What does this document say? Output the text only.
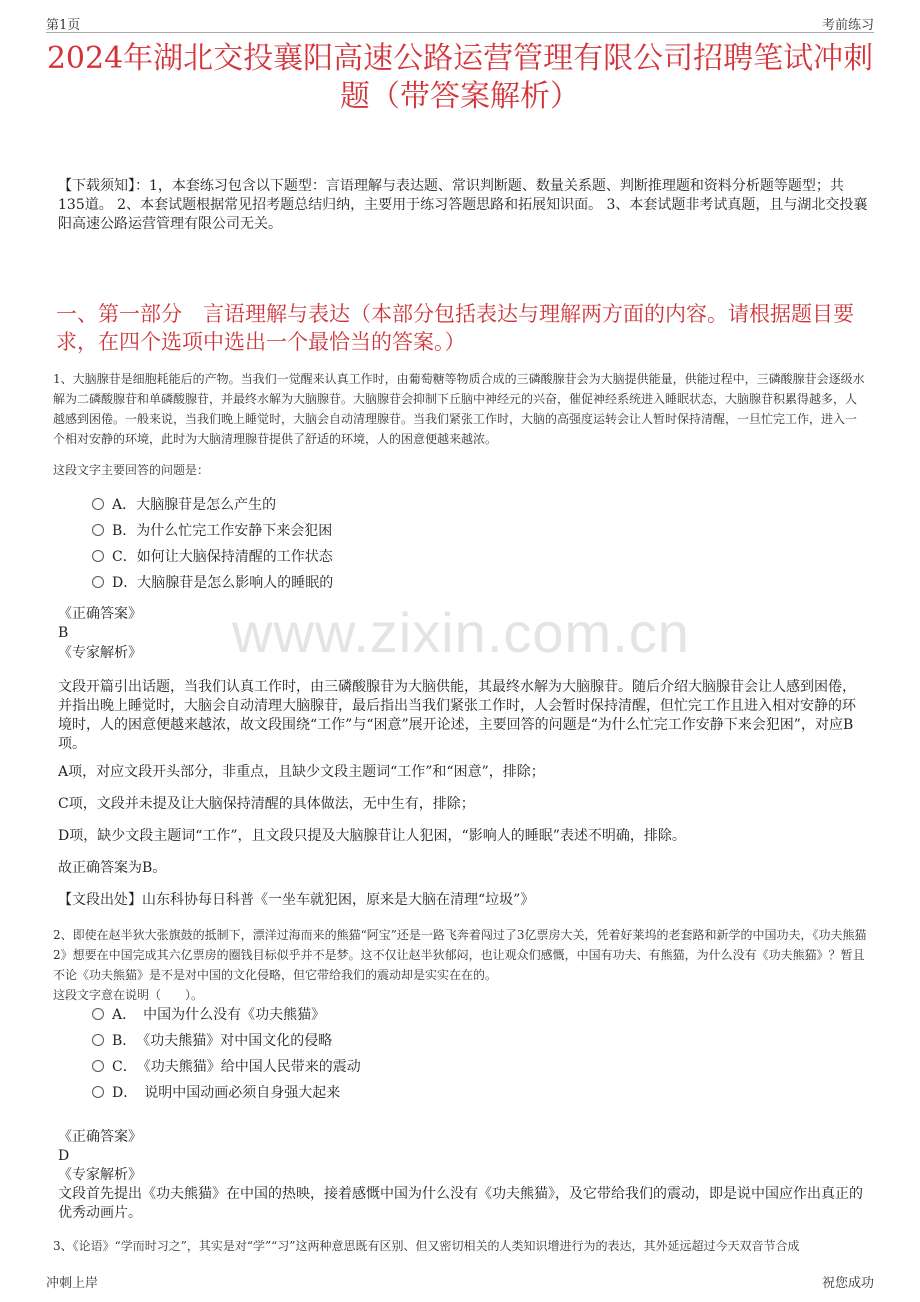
第1页	考前练习
2024年湖北交投襄阳高速公路运营管理有限公司招聘笔试冲刺题（带答案解析）
【下载须知】：1，本套练习包含以下题型：言语理解与表达题、常识判断题、数量关系题、判断推理题和资料分析题等题型；共135道。 2、本套试题根据常见招考题总结归纳，主要用于练习答题思路和拓展知识面。 3、本套试题非考试真题，且与湖北交投襄阳高速公路运营管理有限公司无关。
一、第一部分　言语理解与表达（本部分包括表达与理解两方面的内容。请根据题目要求，在四个选项中选出一个最恰当的答案。）
1、大脑腺苷是细胞耗能后的产物。当我们一觉醒来认真工作时，由葡萄糖等物质合成的三磷酸腺苷会为大脑提供能量，供能过程中，三磷酸腺苷会逐级水解为二磷酸腺苷和单磷酸腺苷，并最终水解为大脑腺苷。大脑腺苷会抑制下丘脑中神经元的兴奋，催促神经系统进入睡眠状态，大脑腺苷积累得越多，人越感到困倦。一般来说，当我们晚上睡觉时，大脑会自动清理腺苷。当我们紧张工作时，大脑的高强度运转会让人暂时保持清醒，一旦忙完工作，进入一个相对安静的环境，此时为大脑清理腺苷提供了舒适的环境，人的困意便越来越浓。
这段文字主要回答的问题是：
A．大脑腺苷是怎么产生的
B．为什么忙完工作安静下来会犯困
C．如何让大脑保持清醒的工作状态
D．大脑腺苷是怎么影响人的睡眠的
《正确答案》
B
《专家解析》 www.zixin.com.cn
文段开篇引出话题，当我们认真工作时，由三磷酸腺苷为大脑供能，其最终水解为大脑腺苷。随后介绍大脑腺苷会让人感到困倦，并指出晚上睡觉时，大脑会自动清理大脑腺苷，最后指出当我们紧张工作时，人会暂时保持清醒，但忙完工作且进入相对安静的环境时，人的困意便越来越浓，故文段围绕“工作”与“困意”展开论述，主要回答的问题是“为什么忙完工作安静下来会犯困”，对应B项。
A项，对应文段开头部分，非重点，且缺少文段主题词“工作”和“困意”，排除；
C项，文段并未提及让大脑保持清醒的具体做法，无中生有，排除；
D项，缺少文段主题词“工作”，且文段只提及大脑腺苷让人犯困，“影响人的睡眠”表述不明确，排除。
故正确答案为B。
【文段出处】山东科协每日科普《一坐车就犯困，原来是大脑在清理“垃圾”》
2、即使在赵半狄大张旗鼓的抵制下，漂洋过海而来的熊猫“阿宝”还是一路飞奔着闯过了3亿票房大关，凭着好莱坞的老套路和新学的中国功夫，《功夫熊猫2》想要在中国完成其六亿票房的圈钱目标似乎并不是梦。这不仅让赵半狄郁闷，也让观众们感慨，中国有功夫、有熊猫，为什么没有《功夫熊猫》？暂且不论《功夫熊猫》是不是对中国的文化侵略，但它带给我们的震动却是实实在在的。
这段文字意在说明（　　）。
A．　中国为什么没有《功夫熊猫》
B．　《功夫熊猫》对中国文化的侵略
C．　《功夫熊猫》给中国人民带来的震动
D．　说明中国动画必须自身强大起来
《正确答案》
D
《专家解析》
文段首先提出《功夫熊猫》在中国的热映，接着感慨中国为什么没有《功夫熊猫》，及它带给我们的震动，即是说中国应作出真正的优秀动画片。
3、《论语》“学而时习之”，其实是对“学”“习”这两种意思既有区别、但又密切相关的人类知识增进行为的表达，其外延远超过今天双音节合成
冲刺上岸	祝您成功
